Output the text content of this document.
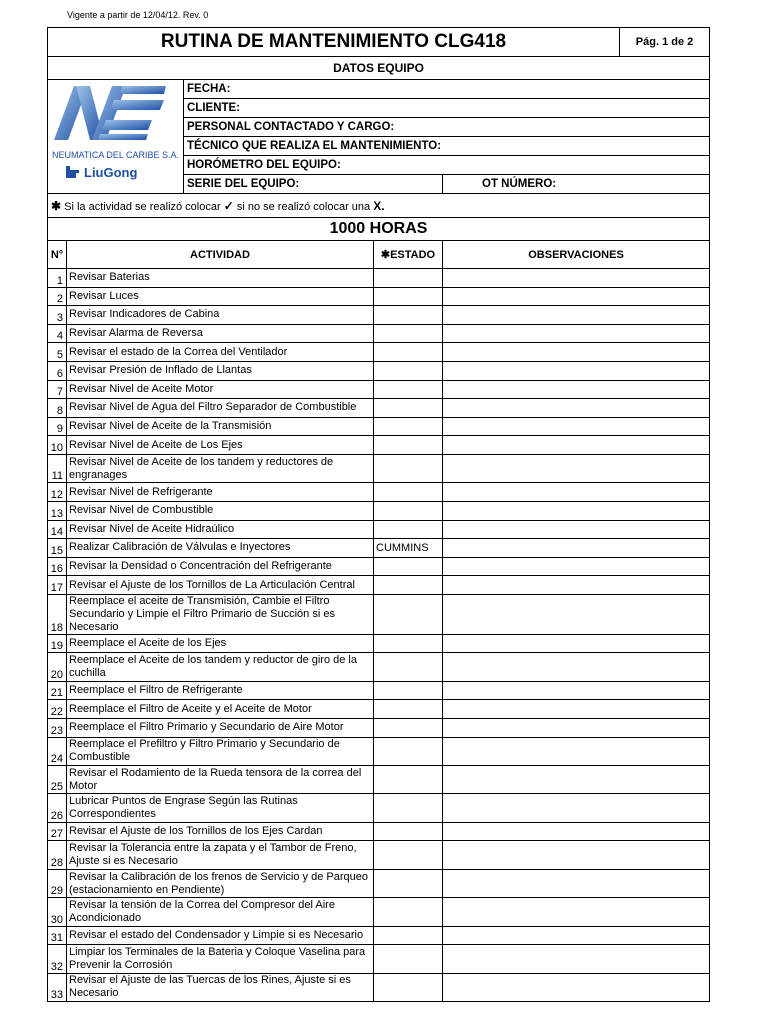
Vigente a partir de 12/04/12. Rev. 0
RUTINA DE MANTENIMIENTO CLG418					Pág. 1 de 2
DATOS EQUIPO					

NEUMATICA DEL CARIBE S.A.
LiuGong		FECHA:			
		CLIENTE:			
		PERSONAL CONTACTADO Y CARGO:			
		TÉCNICO QUE REALIZA EL MANTENIMIENTO:			
		HORÓMETRO DEL EQUIPO:			
		SERIE DEL EQUIPO:		OT NÚMERO:	
✱ Si la actividad se realizó colocar ✓ si no se realizó colocar una X.					
1000 HORAS					
N°	ACTIVIDAD		✱ESTADO	OBSERVACIONES	
1	Revisar Baterias				
2	Revisar Luces				
3	Revisar Indicadores de Cabina				
4	Revisar Alarma de Reversa				
5	Revisar el estado de la Correa del Ventilador				
6	Revisar Presión de Inflado de Llantas				
7	Revisar Nivel de Aceite Motor				
8	Revisar Nivel de Agua del Filtro Separador de Combustible				
9	Revisar Nivel de Aceite de la Transmisión				
10	Revisar Nivel de Aceite de Los Ejes				
11	Revisar Nivel de Aceite de los tandem y reductores de engranages				
12	Revisar Nivel de Refrigerante				
13	Revisar Nivel de Combustible				
14	Revisar Nivel de Aceite Hidraúlico				
15	Realizar Calibración de Válvulas e Inyectores		CUMMINS		
16	Revisar la Densidad o Concentración del Refrigerante				
17	Revisar el Ajuste de los Tornillos de La Articulación Central				
18	Reemplace el aceite de Transmisión, Cambie el Filtro Secundario y Limpie el Filtro Primario de Succión si es Necesario				
19	Reemplace el Aceite de los Ejes				
20	Reemplace el Aceite de los tandem y reductor de giro de la cuchilla				
21	Reemplace el Filtro de Refrigerante				
22	Reemplace el Filtro de Aceite y el Aceite de Motor				
23	Reemplace el Filtro Primario y Secundario de Aire Motor				
24	Reemplace el Prefiltro y Filtro Primario y Secundario de Combustible				
25	Revisar el Rodamiento de la Rueda tensora de la correa del Motor				
26	Lubricar Puntos de Engrase Según las Rutinas Correspondientes				
27	Revisar el Ajuste de los Tornillos de los Ejes Cardan				
28	Revisar la Tolerancia entre la zapata y el Tambor de Freno, Ajuste si es Necesario				
29	Revisar la Calibración de los frenos de Servicio y de Parqueo (estacionamiento en Pendiente)				
30	Revisar la tensión de la Correa del Compresor del Aire Acondicionado				
31	Revisar el estado del Condensador y Limpie si es Necesario				
32	Limpiar los Terminales de la Bateria y Coloque Vaselina para Prevenir la Corrosión				
33	Revisar el Ajuste de las Tuercas de los Rines, Ajuste si es Necesario				
